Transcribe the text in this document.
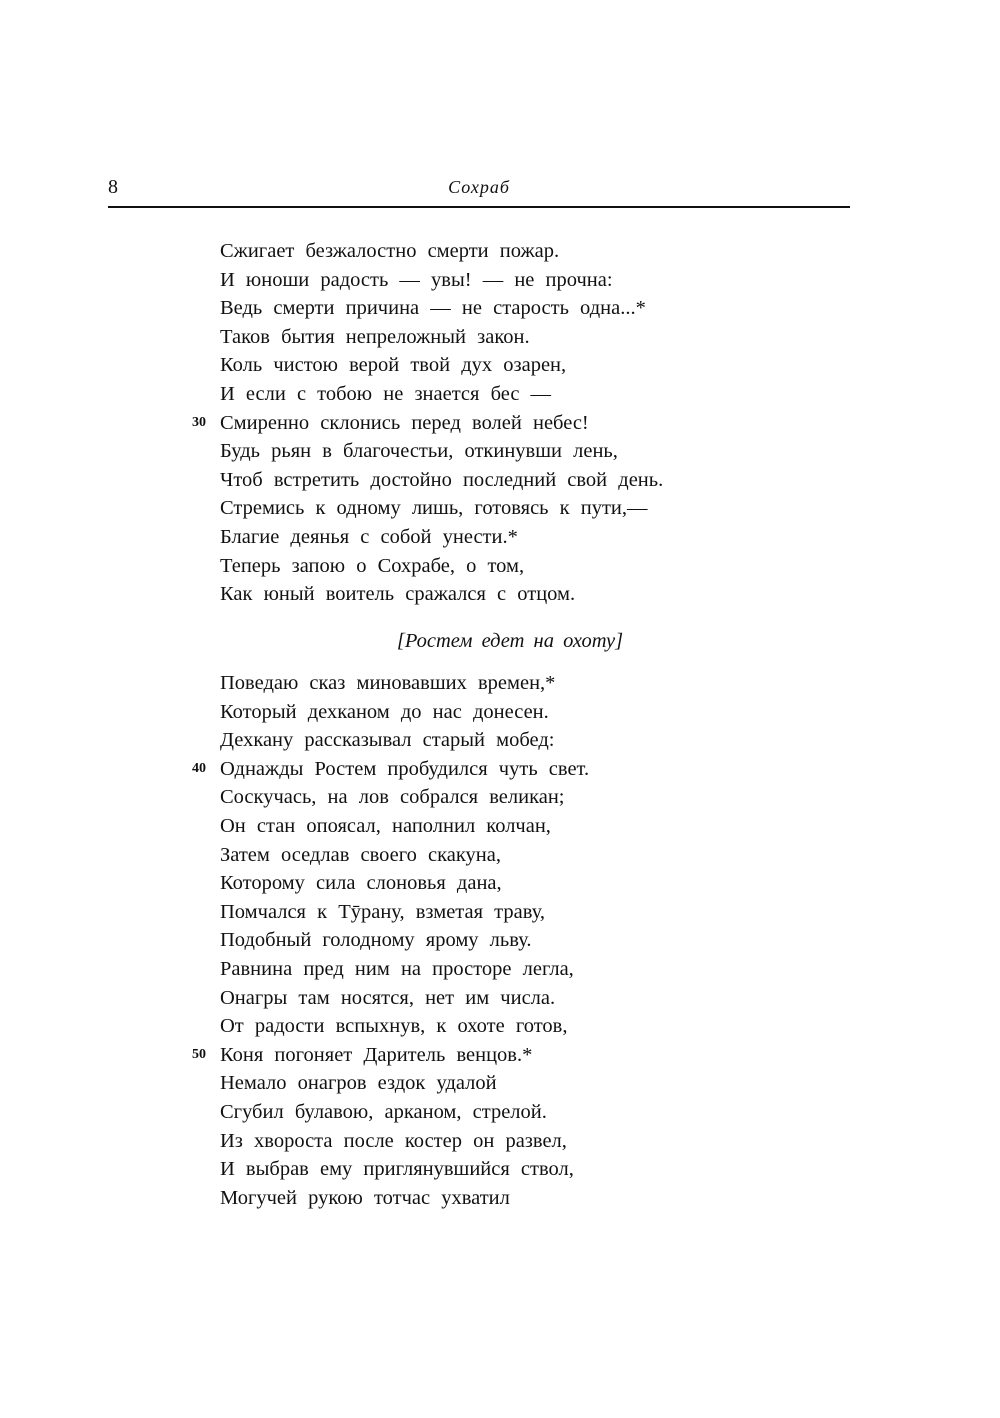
8	Сохраб
Сжигает безжалостно смерти пожар.
И юноши радость — увы! — не прочна:
Ведь смерти причина — не старость одна...*
Таков бытия непреложный закон.
Коль чистою верой твой дух озарен,
И если с тобою не знается бес —
30 Смиренно склонись перед волей небес!
Будь рьян в благочестьи, откинувши лень,
Чтоб встретить достойно последний свой день.
Стремись к одному лишь, готовясь к пути,—
Благие деянья с собой унести.*
Теперь запою о Сохрабе, о том,
Как юный воитель сражался с отцом.
[Ростем едет на охоту]
Поведаю сказ миновавших времен,*
Который дехканом до нас донесен.
Дехкану рассказывал старый мобед:
40 Однажды Ростем пробудился чуть свет.
Соскучась, на лов собрался великан;
Он стан опоясал, наполнил колчан,
Затем оседлав своего скакуна,
Которому сила слоновья дана,
Помчался к Тӯрану, взметая траву,
Подобный голодному ярому льву.
Равнина пред ним на просторе легла,
Онагры там носятся, нет им числа.
От радости вспыхнув, к охоте готов,
50 Коня погоняет Даритель венцов.*
Немало онагров ездок удалой
Сгубил булавою, арканом, стрелой.
Из хвороста после костер он развел,
И выбрав ему приглянувшийся ствол,
Могучей рукою тотчас ухватил
